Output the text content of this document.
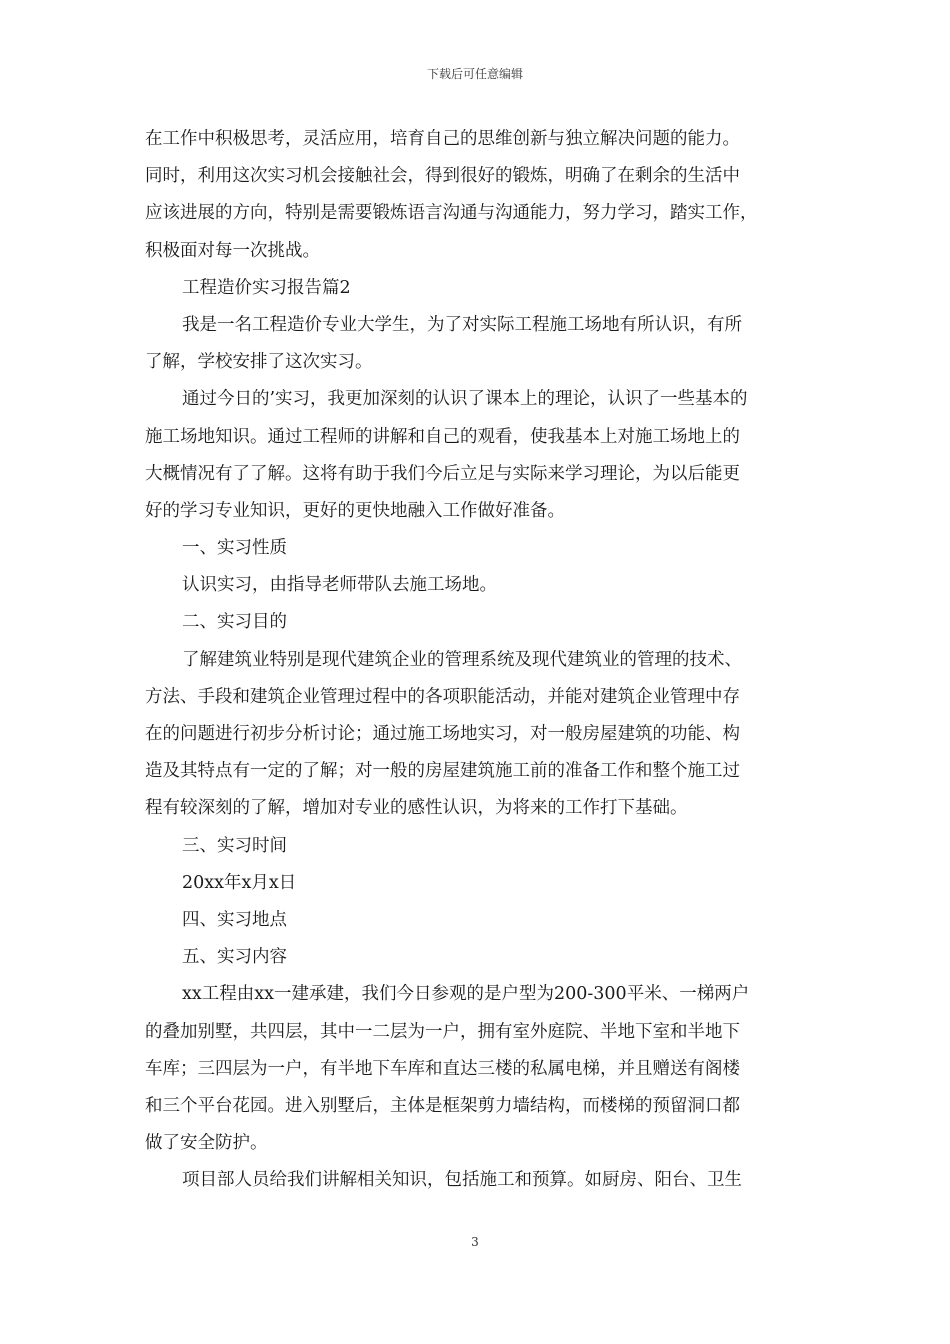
下载后可任意编辑
在工作中积极思考，灵活应用，培育自己的思维创新与独立解决问题的能力。
同时，利用这次实习机会接触社会，得到很好的锻炼，明确了在剩余的生活中
应该进展的方向，特别是需要锻炼语言沟通与沟通能力，努力学习，踏实工作，
积极面对每一次挑战。
工程造价实习报告篇2
我是一名工程造价专业大学生，为了对实际工程施工场地有所认识，有所
了解，学校安排了这次实习。
通过今日的’实习，我更加深刻的认识了课本上的理论，认识了一些基本的
施工场地知识。通过工程师的讲解和自己的观看，使我基本上对施工场地上的
大概情况有了了解。这将有助于我们今后立足与实际来学习理论，为以后能更
好的学习专业知识，更好的更快地融入工作做好准备。
一、实习性质
认识实习，由指导老师带队去施工场地。
二、实习目的
了解建筑业特别是现代建筑企业的管理系统及现代建筑业的管理的技术、
方法、手段和建筑企业管理过程中的各项职能活动，并能对建筑企业管理中存
在的问题进行初步分析讨论；通过施工场地实习，对一般房屋建筑的功能、构
造及其特点有一定的了解；对一般的房屋建筑施工前的准备工作和整个施工过
程有较深刻的了解，增加对专业的感性认识，为将来的工作打下基础。
三、实习时间
20xx年x月x日
四、实习地点
五、实习内容
xx工程由xx一建承建，我们今日参观的是户型为200-300平米、一梯两户
的叠加别墅，共四层，其中一二层为一户，拥有室外庭院、半地下室和半地下
车库；三四层为一户，有半地下车库和直达三楼的私属电梯，并且赠送有阁楼
和三个平台花园。进入别墅后，主体是框架剪力墙结构，而楼梯的预留洞口都
做了安全防护。
项目部人员给我们讲解相关知识，包括施工和预算。如厨房、阳台、卫生
3
